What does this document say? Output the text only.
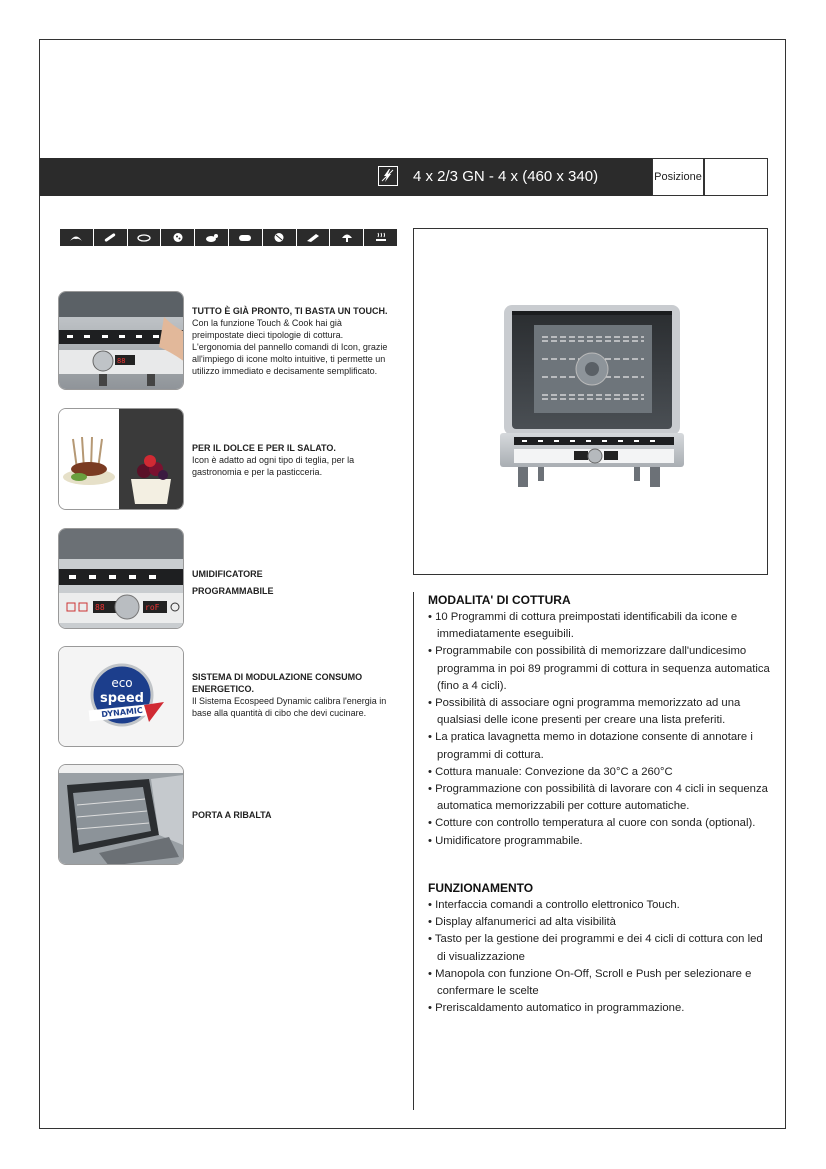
4 x 2/3 GN - 4 x (460 x 340)	Posizione
88
TUTTO È GIÀ PRONTO, TI BASTA UN TOUCH.
Con la funzione Touch & Cook hai già
preimpostate dieci tipologie di cottura.
L'ergonomia del pannello comandi di Icon, grazie
all'impiego di icone molto intuitive, ti permette un
utilizzo immediato e decisamente semplificato.
PER IL DOLCE E PER IL SALATO.
Icon è adatto ad ogni tipo di teglia, per la
gastronomia e per la pasticceria.
88	roF
UMIDIFICATORE
PROGRAMMABILE
eco
speed
DYNAMIC
SISTEMA DI MODULAZIONE CONSUMO
ENERGETICO.
Il Sistema Ecospeed Dynamic calibra l'energia in
base alla quantità di cibo che devi cucinare.
PORTA A RIBALTA
MODALITA' DI COTTURA
• 10 Programmi di cottura preimpostati identificabili da icone e immediatamente eseguibili.
• Programmabile con possibilità di memorizzare dall'undicesimo programma in poi 89 programmi di cottura in sequenza automatica (fino a 4 cicli).
• Possibilità di associare ogni programma memorizzato ad una qualsiasi delle icone presenti per creare una lista preferiti.
• La pratica lavagnetta memo in dotazione consente di annotare i programmi di cottura.
• Cottura manuale: Convezione da 30°C a 260°C
• Programmazione con possibilità di lavorare con 4 cicli in sequenza automatica memorizzabili per cotture automatiche.
• Cotture con controllo temperatura al cuore con sonda (optional).
• Umidificatore programmabile.
FUNZIONAMENTO
• Interfaccia comandi a controllo elettronico Touch.
• Display alfanumerici ad alta visibilità
• Tasto per la gestione dei programmi e dei 4 cicli di cottura con led di visualizzazione
• Manopola con funzione On-Off, Scroll e Push per selezionare e confermare le scelte
• Preriscaldamento automatico in programmazione.
